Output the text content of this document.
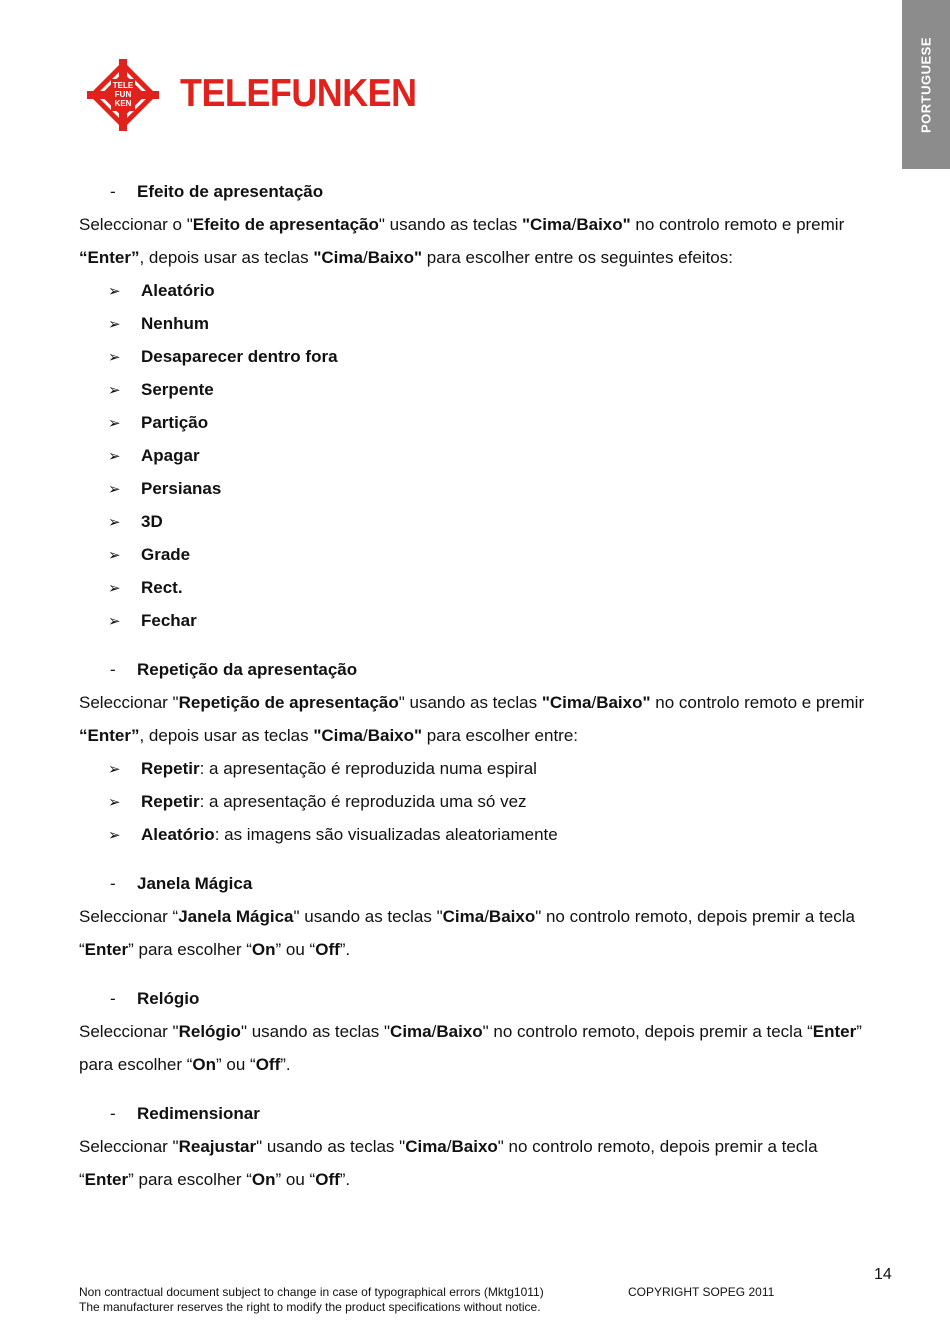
PORTUGUESE
TELE
FUN
KEN TELEFUNKEN
- Efeito de apresentação
Seleccionar o "Efeito de apresentação" usando as teclas "Cima/Baixo" no controlo remoto e premir
“Enter”, depois usar as teclas "Cima/Baixo" para escolher entre os seguintes efeitos:
➢ Aleatório
➢ Nenhum
➢ Desaparecer dentro fora
➢ Serpente
➢ Partição
➢ Apagar
➢ Persianas
➢ 3D
➢ Grade
➢ Rect.
➢ Fechar
- Repetição da apresentação
Seleccionar "Repetição de apresentação" usando as teclas "Cima/Baixo" no controlo remoto e premir
“Enter”, depois usar as teclas "Cima/Baixo" para escolher entre:
➢ Repetir: a apresentação é reproduzida numa espiral
➢ Repetir: a apresentação é reproduzida uma só vez
➢ Aleatório: as imagens são visualizadas aleatoriamente
- Janela Mágica
Seleccionar “Janela Mágica" usando as teclas "Cima/Baixo" no controlo remoto, depois premir a tecla
“Enter” para escolher “On” ou “Off”.
- Relógio
Seleccionar "Relógio" usando as teclas "Cima/Baixo" no controlo remoto, depois premir a tecla “Enter”
para escolher “On” ou “Off”.
- Redimensionar
Seleccionar "Reajustar" usando as teclas "Cima/Baixo" no controlo remoto, depois premir a tecla
“Enter” para escolher “On” ou “Off”.
14
Non contractual document subject to change in case of typographical errors (Mktg1011)
The manufacturer reserves the right to modify the product specifications without notice.
COPYRIGHT SOPEG 2011
